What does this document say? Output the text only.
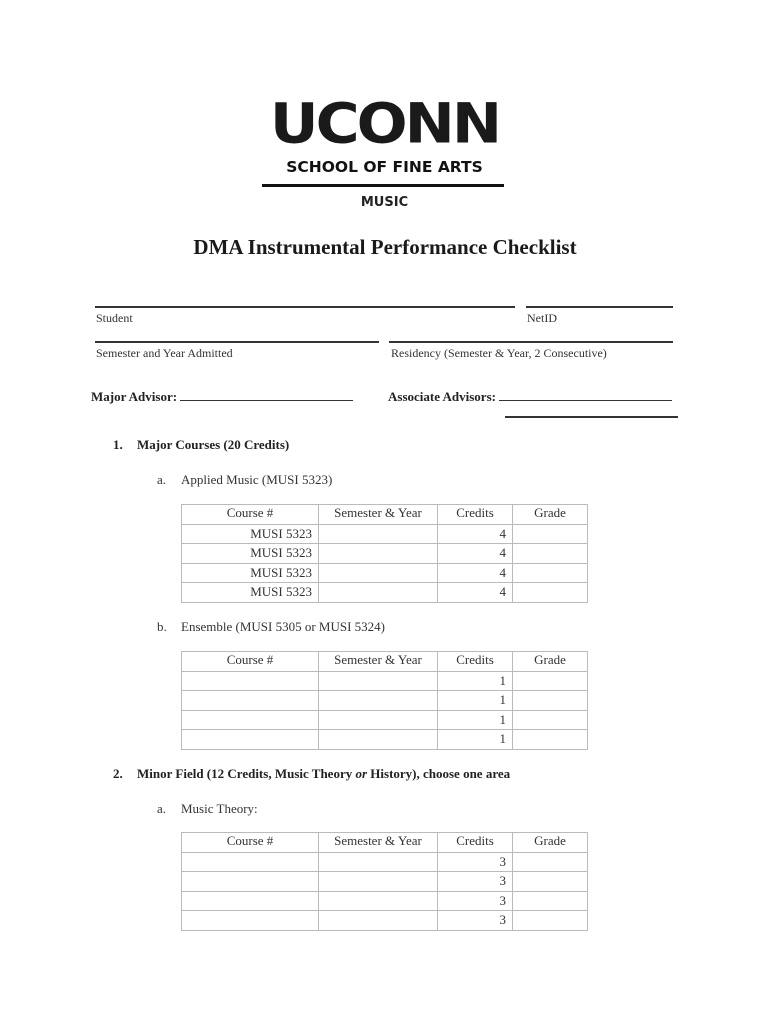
UCONN
SCHOOL OF FINE ARTS
MUSIC
DMA Instrumental Performance Checklist
Student	NetID
Semester and Year Admitted	Residency (Semester & Year, 2 Consecutive)
Major Advisor:	Associate Advisors:
1. Major Courses (20 Credits)
a. Applied Music (MUSI 5323)
Course #	Semester & Year	Credits	Grade
MUSI 5323		4	
MUSI 5323		4	
MUSI 5323		4	
MUSI 5323		4	
b. Ensemble (MUSI 5305 or MUSI 5324)
Course #	Semester & Year	Credits	Grade
		1	
		1	
		1	
		1	
2. Minor Field (12 Credits, Music Theory or History), choose one area
a. Music Theory:
Course #	Semester & Year	Credits	Grade
		3	
		3	
		3	
		3	
